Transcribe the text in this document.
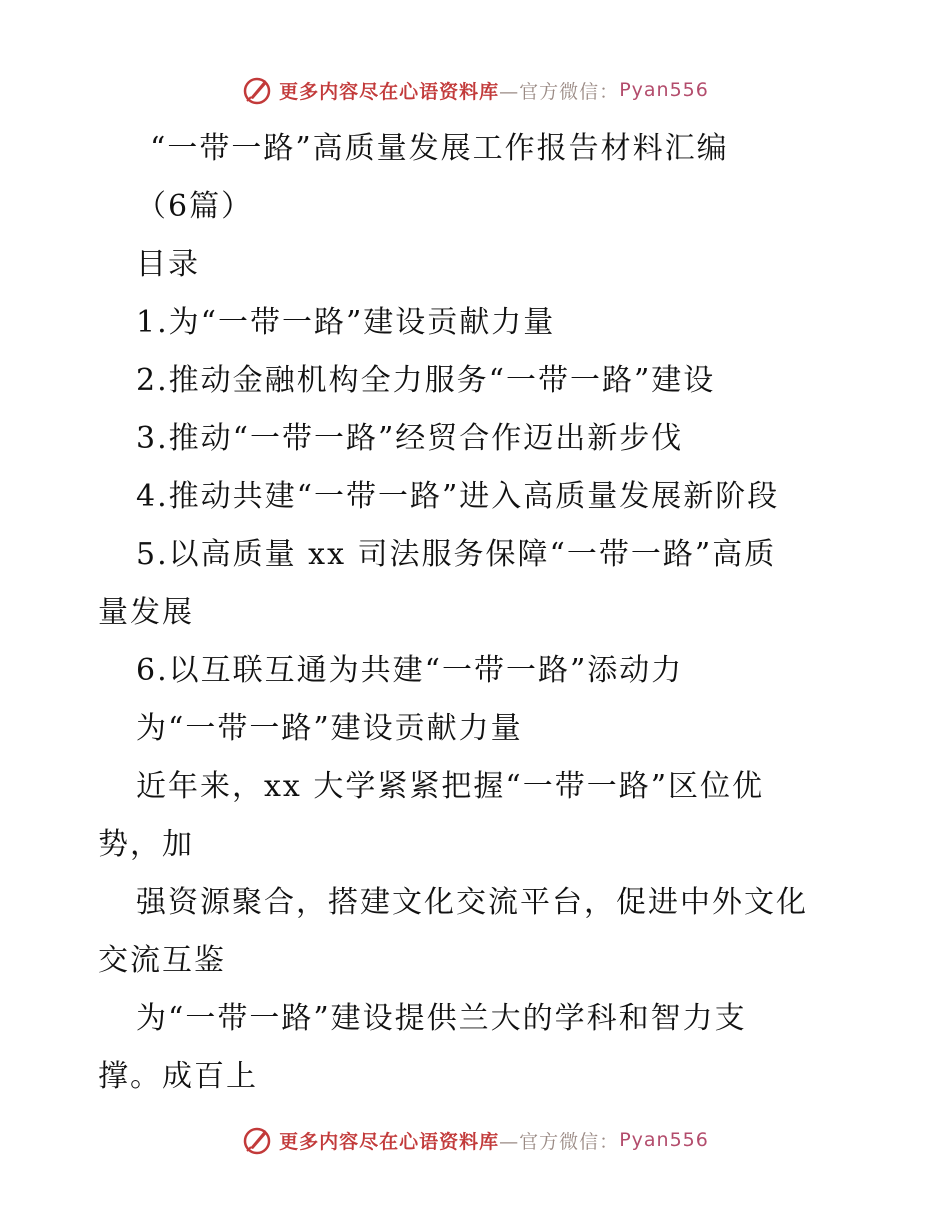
更多内容尽在心语资料库 —官方微信： Pyan556
“一带一路”高质量发展工作报告材料汇编
（6篇）
目录
1.为“一带一路”建设贡献力量
2.推动金融机构全力服务“一带一路”建设
3.推动“一带一路”经贸合作迈出新步伐
4.推动共建“一带一路”进入高质量发展新阶段
5.以高质量 xx 司法服务保障“一带一路”高质
量发展
6.以互联互通为共建“一带一路”添动力
为“一带一路”建设贡献力量
近年来，xx 大学紧紧把握“一带一路”区位优
势，加
强资源聚合，搭建文化交流平台，促进中外文化
交流互鉴
为“一带一路”建设提供兰大的学科和智力支
撑。成百上
更多内容尽在心语资料库 —官方微信： Pyan556
